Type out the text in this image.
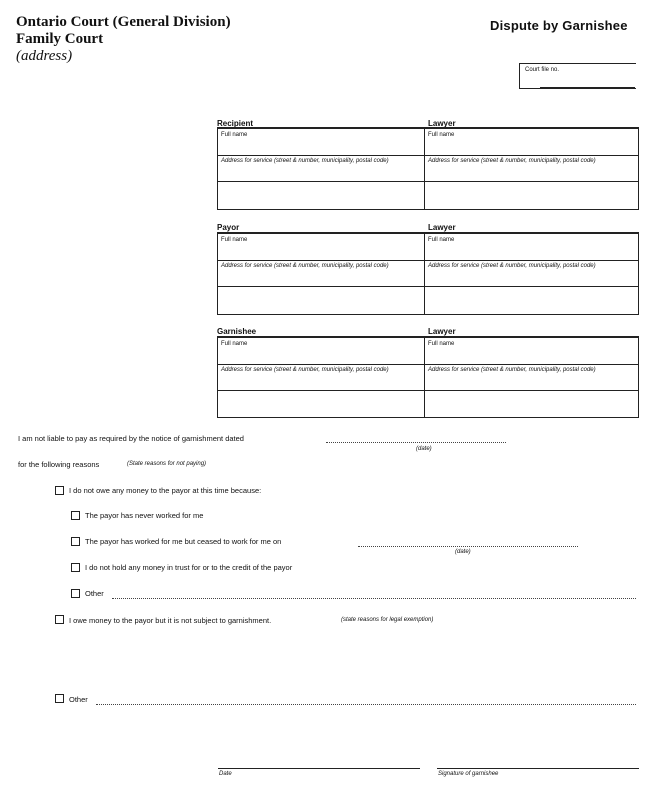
Ontario Court (General Division)
Family Court
(address)
Dispute by Garnishee
Court file no.
Recipient	Lawyer
Full name	Full name
Address for service (street & number, municipality, postal code)	Address for service (street & number, municipality, postal code)
Payor	Lawyer
Full name	Full name
Address for service (street & number, municipality, postal code)	Address for service (street & number, municipality, postal code)
Garnishee	Lawyer
Full name	Full name
Address for service (street & number, municipality, postal code)	Address for service (street & number, municipality, postal code)
I am not liable to pay as required by the notice of garnishment dated
(date)
for the following reasons	(State reasons for not paying)
I do not owe any money to the payor at this time because:
The payor has never worked for me
The payor has worked for me but ceased to work for me on
(date)
I do not hold any money in trust for or to the credit of the payor
Other
I owe money to the payor but it is not subject to garnishment.	(state reasons for legal exemption)
Other
Date	Signature of garnishee
